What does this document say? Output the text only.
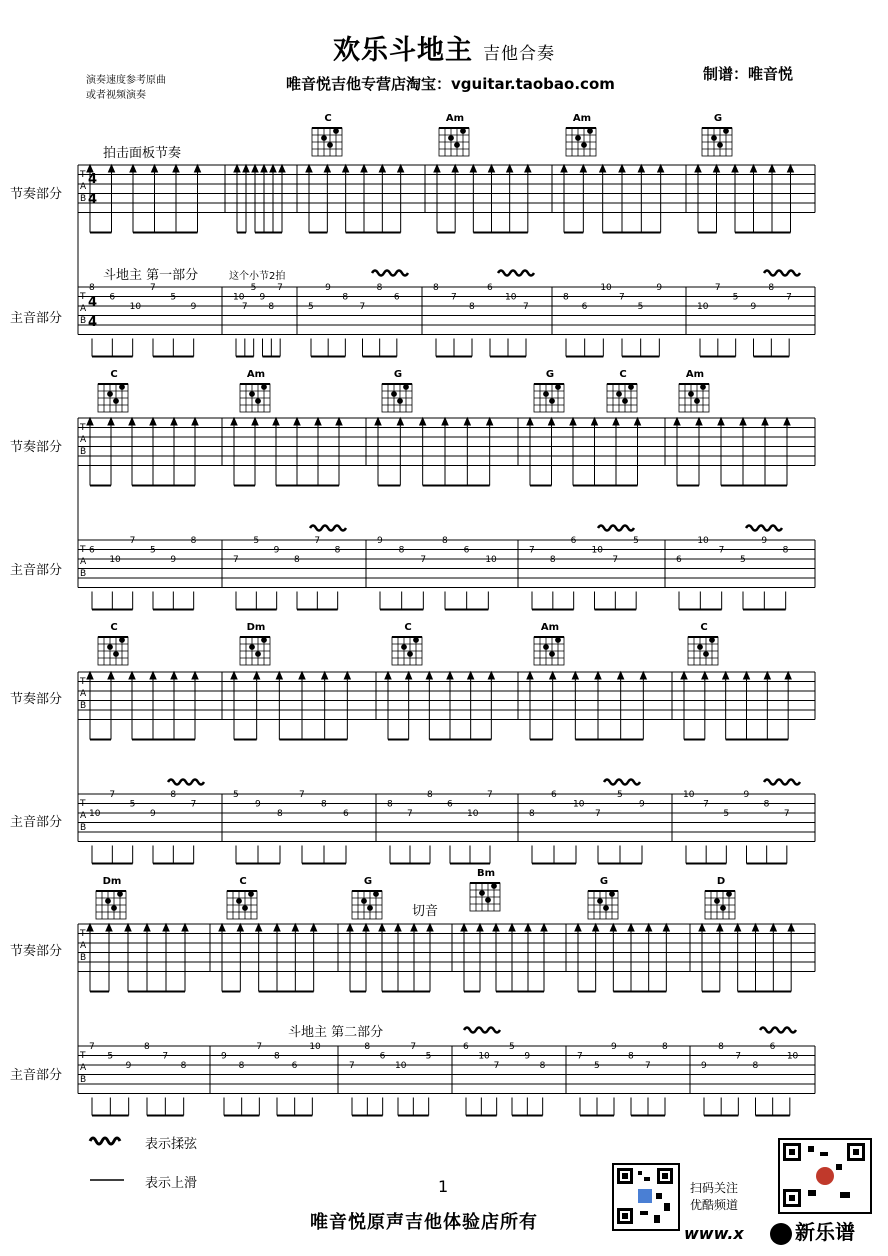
欢乐斗地主 吉他合奏
唯音悦吉他专营店淘宝：vguitar.taobao.com
制谱：唯音悦
演奏速度参考原曲
或者视频演奏
节奏部分
主音部分
节奏部分
主音部分
节奏部分
主音部分
节奏部分
主音部分
拍击面板节奏
斗地主 第一部分	这个小节2拍
切音
斗地主 第二部分
C	Am	Am	G
C	Am	G	G	C	Am
C	Dm	C	Am	C
Dm	C	G
Bm
G	D
4
4
4
4
T
A
B
T
A
B
T
A
B
T
A
B
T
A
B
T
A
B
T
A
B
T
A
B
8
6
10
7
5
9
10
7
5
9
8
7
5
9
8
7
8
6
8
7
8
6
10
7
8
6
10
7
5
9
10
7
5
9
8
7
6
10
7
5
9
8
7
5
9
8
7
8
9
8
7
8
6
10
7
8
6
10
7
5
6
10
7
5
9
8
10
7
5
9
8
7
5
9
8
7
8
6
8
7
8
6
10
7
8
6
10
7
5
9
10
7
5
9
8
7
7
5
9
8
7
8
9
8
7
8
6
10
7
8
6
10
7
5
6
10
7
5
9
8
7
5
9
8
7
8
9
8
7
8
6
10
表示揉弦
表示上滑	1
唯音悦原声吉他体验店所有
扫码关注
优酷频道
www.x	新乐谱
